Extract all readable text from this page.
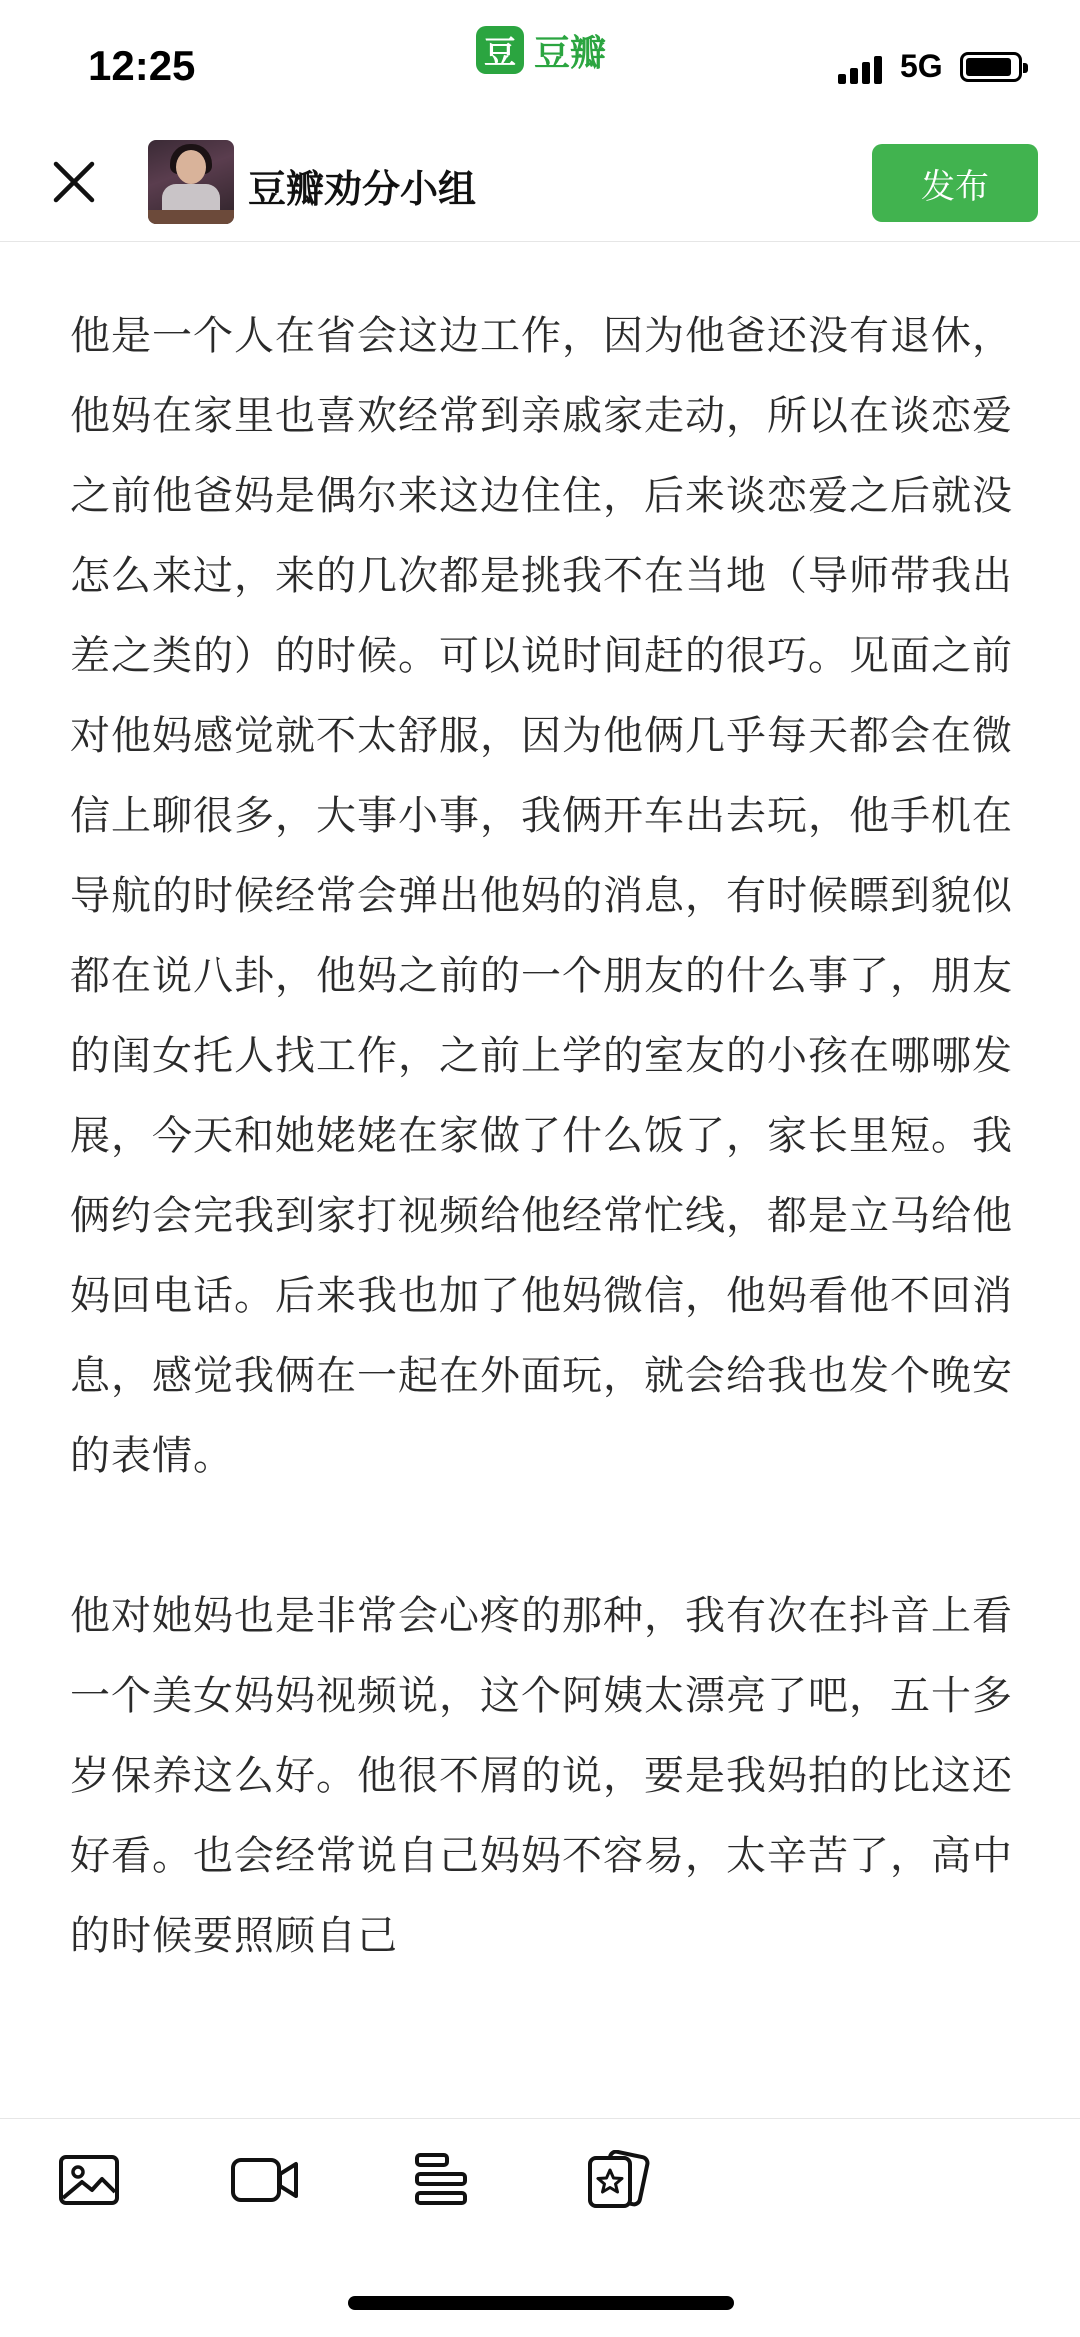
12:25	豆 豆瓣	5G
豆瓣劝分小组	发布
他是一个人在省会这边工作，因为他爸还没有退休，他妈在家里也喜欢经常到亲戚家走动，所以在谈恋爱之前他爸妈是偶尔来这边住住，后来谈恋爱之后就没怎么来过，来的几次都是挑我不在当地（导师带我出差之类的）的时候。可以说时间赶的很巧。见面之前对他妈感觉就不太舒服，因为他俩几乎每天都会在微信上聊很多，大事小事，我俩开车出去玩，他手机在导航的时候经常会弹出他妈的消息，有时候瞟到貌似都在说八卦，他妈之前的一个朋友的什么事了，朋友的闺女托人找工作，之前上学的室友的小孩在哪哪发展，今天和她姥姥在家做了什么饭了，家长里短。我俩约会完我到家打视频给他经常忙线，都是立马给他妈回电话。后来我也加了他妈微信，他妈看他不回消息，感觉我俩在一起在外面玩，就会给我也发个晚安的表情。
他对她妈也是非常会心疼的那种，我有次在抖音上看一个美女妈妈视频说，这个阿姨太漂亮了吧，五十多岁保养这么好。他很不屑的说，要是我妈拍的比这还好看。也会经常说自己妈妈不容易，太辛苦了，高中的时候要照顾自己
